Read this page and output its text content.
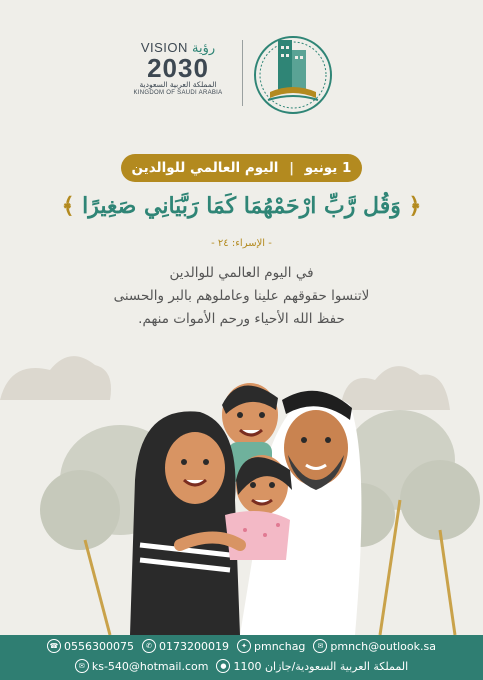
VISION رؤية
2030
المملكة العربية السعودية
KINGDOM OF SAUDI ARABIA
1 يونيو | اليوم العالمي للوالدين
﴿ وَقُل رَّبِّ ارْحَمْهُمَا كَمَا رَبَّيَانِي صَغِيرًا ﴾
- الإسراء: ٢٤ -
في اليوم العالمي للوالدين
لاتنسوا حقوقهم علينا وعاملوهم بالبر والحسنى
حفظ الله الأحياء ورحم الأموات منهم.
☎ 0556300075	✆ 0173200019	✦ pmnchag	✉ pmnch@outlook.sa
✉ ks-540@hotmail.com	● المملكة العربية السعودية/جازان 1100
